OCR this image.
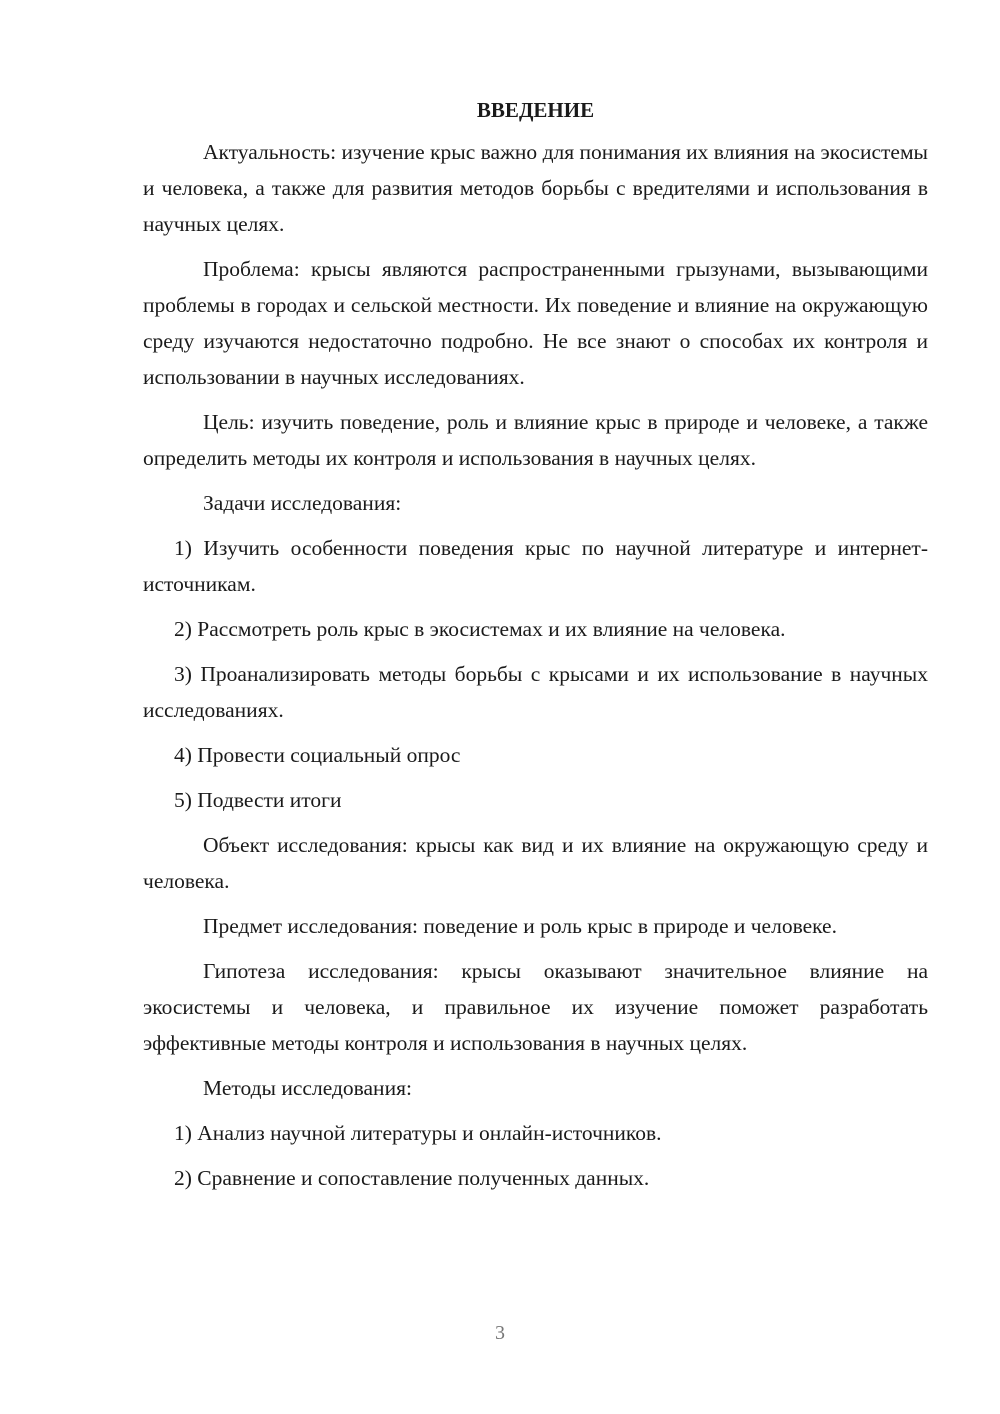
ВВЕДЕНИЕ

Актуальность: изучение крыс важно для понимания их влияния на экосистемы и человека, а также для развития методов борьбы с вредителями и использования в научных целях.

Проблема: крысы являются распространенными грызунами, вызывающими проблемы в городах и сельской местности. Их поведение и влияние на окружающую среду изучаются недостаточно подробно. Не все знают о способах их контроля и использовании в научных исследованиях.

Цель: изучить поведение, роль и влияние крыс в природе и человеке, а также определить методы их контроля и использования в научных целях.

Задачи исследования:

1) Изучить особенности поведения крыс по научной литературе и интернет-источникам.

2) Рассмотреть роль крыс в экосистемах и их влияние на человека.

3) Проанализировать методы борьбы с крысами и их использование в научных исследованиях.

4) Провести социальный опрос

5) Подвести итоги

Объект исследования: крысы как вид и их влияние на окружающую среду и человека.

Предмет исследования: поведение и роль крыс в природе и человеке.

Гипотеза исследования: крысы оказывают значительное влияние на экосистемы и человека, и правильное их изучение поможет разработать эффективные методы контроля и использования в научных целях.

Методы исследования:

1) Анализ научной литературы и онлайн-источников.

2) Сравнение и сопоставление полученных данных.

3
